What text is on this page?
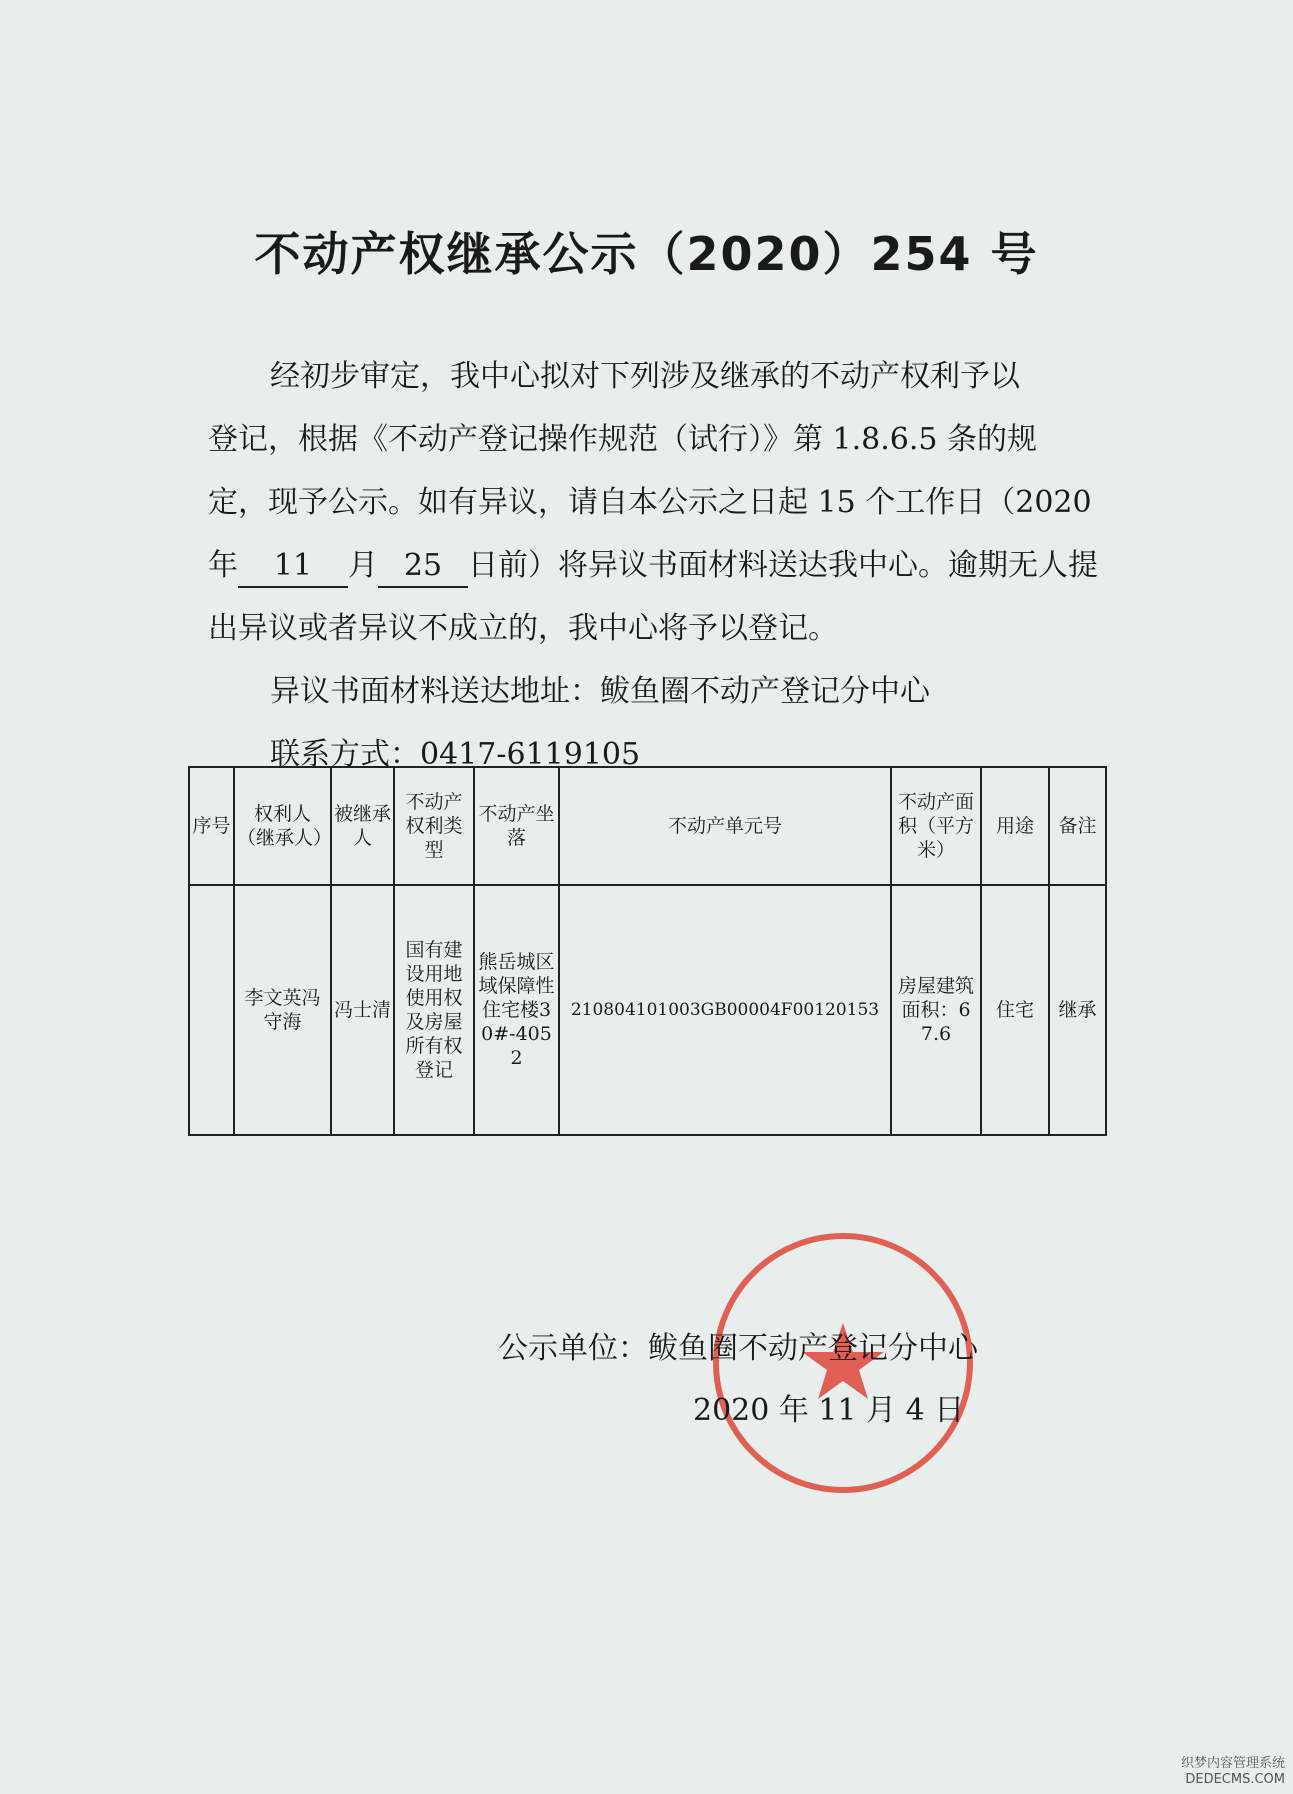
不动产权继承公示（2020）254 号
经初步审定，我中心拟对下列涉及继承的不动产权利予以
登记，根据《不动产登记操作规范（试行）》第 1.8.6.5 条的规
定，现予公示。如有异议，请自本公示之日起 15 个工作日（2020
年 11 月 25 日前）将异议书面材料送达我中心。逾期无人提
出异议或者异议不成立的，我中心将予以登记。
异议书面材料送达地址：鲅鱼圈不动产登记分中心
联系方式：0417-6119105
序号	权利人（继承人）	被继承人	不动产权利类型	不动产坐落	不动产单元号	不动产面积（平方米）	用途	备注
	李文英冯守海	冯士清	国有建设用地使用权及房屋所有权登记	熊岳城区域保障性住宅楼30#-4052	210804101003GB00004F00120153	房屋建筑面积：67.6	住宅	继承
公示单位：鲅鱼圈不动产登记分中心
2020 年 11 月 4 日
织梦内容管理系统
DEDECMS.COM
